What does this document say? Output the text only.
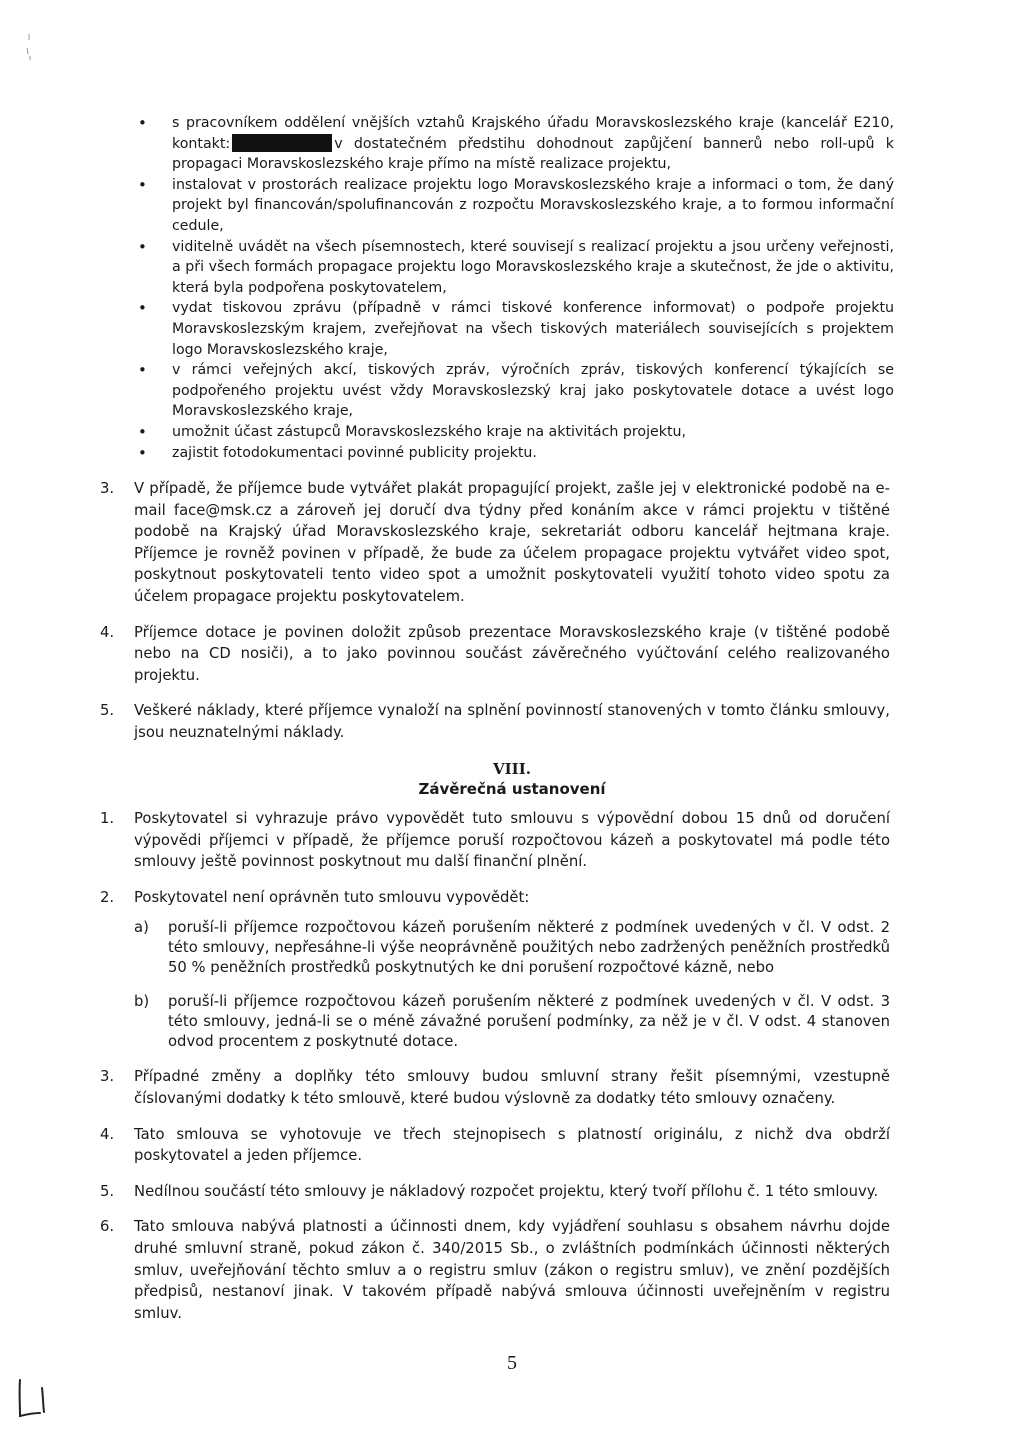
• s pracovníkem oddělení vnějších vztahů Krajského úřadu Moravskoslezského kraje (kancelář E210, kontakt:	v dostatečném předstihu dohodnout zapůjčení bannerů nebo roll-upů k propagaci Moravskoslezského kraje přímo na místě realizace projektu,
• instalovat v prostorách realizace projektu logo Moravskoslezského kraje a informaci o tom, že daný projekt byl financován/spolufinancován z rozpočtu Moravskoslezského kraje, a to formou informační cedule,
• viditelně uvádět na všech písemnostech, které souvisejí s realizací projektu a jsou určeny veřejnosti, a při všech formách propagace projektu logo Moravskoslezského kraje a skutečnost, že jde o aktivitu, která byla podpořena poskytovatelem,
• vydat tiskovou zprávu (případně v rámci tiskové konference informovat) o podpoře projektu Moravskoslezským krajem, zveřejňovat na všech tiskových materiálech souvisejících s projektem logo Moravskoslezského kraje,
• v rámci veřejných akcí, tiskových zpráv, výročních zpráv, tiskových konferencí týkajících se podpořeného projektu uvést vždy Moravskoslezský kraj jako poskytovatele dotace a uvést logo Moravskoslezského kraje,
• umožnit účast zástupců Moravskoslezského kraje na aktivitách projektu,
• zajistit fotodokumentaci povinné publicity projektu.
3. V případě, že příjemce bude vytvářet plakát propagující projekt, zašle jej v elektronické podobě na e-mail face@msk.cz a zároveň jej doručí dva týdny před konáním akce v rámci projektu v tištěné podobě na Krajský úřad Moravskoslezského kraje, sekretariát odboru kancelář hejtmana kraje. Příjemce je rovněž povinen v případě, že bude za účelem propagace projektu vytvářet video spot, poskytnout poskytovateli tento video spot a umožnit poskytovateli využití tohoto video spotu za účelem propagace projektu poskytovatelem.
4. Příjemce dotace je povinen doložit způsob prezentace Moravskoslezského kraje (v tištěné podobě nebo na CD nosiči), a to jako povinnou součást závěrečného vyúčtování celého realizovaného projektu.
5. Veškeré náklady, které příjemce vynaloží na splnění povinností stanovených v tomto článku smlouvy, jsou neuznatelnými náklady.
VIII.
Závěrečná ustanovení
1. Poskytovatel si vyhrazuje právo vypovědět tuto smlouvu s výpovědní dobou 15 dnů od doručení výpovědi příjemci v případě, že příjemce poruší rozpočtovou kázeň a poskytovatel má podle této smlouvy ještě povinnost poskytnout mu další finanční plnění.
2. Poskytovatel není oprávněn tuto smlouvu vypovědět:
a) poruší-li příjemce rozpočtovou kázeň porušením některé z podmínek uvedených v čl. V odst. 2 této smlouvy, nepřesáhne-li výše neoprávněně použitých nebo zadržených peněžních prostředků 50 % peněžních prostředků poskytnutých ke dni porušení rozpočtové kázně, nebo
b) poruší-li příjemce rozpočtovou kázeň porušením některé z podmínek uvedených v čl. V odst. 3 této smlouvy, jedná-li se o méně závažné porušení podmínky, za něž je v čl. V odst. 4 stanoven odvod procentem z poskytnuté dotace.
3. Případné změny a doplňky této smlouvy budou smluvní strany řešit písemnými, vzestupně číslovanými dodatky k této smlouvě, které budou výslovně za dodatky této smlouvy označeny.
4. Tato smlouva se vyhotovuje ve třech stejnopisech s platností originálu, z nichž dva obdrží poskytovatel a jeden příjemce.
5. Nedílnou součástí této smlouvy je nákladový rozpočet projektu, který tvoří přílohu č. 1 této smlouvy.
6. Tato smlouva nabývá platnosti a účinnosti dnem, kdy vyjádření souhlasu s obsahem návrhu dojde druhé smluvní straně, pokud zákon č. 340/2015 Sb., o zvláštních podmínkách účinnosti některých smluv, uveřejňování těchto smluv a o registru smluv (zákon o registru smluv), ve znění pozdějších předpisů, nestanoví jinak. V takovém případě nabývá smlouva účinnosti uveřejněním v registru smluv.
5
